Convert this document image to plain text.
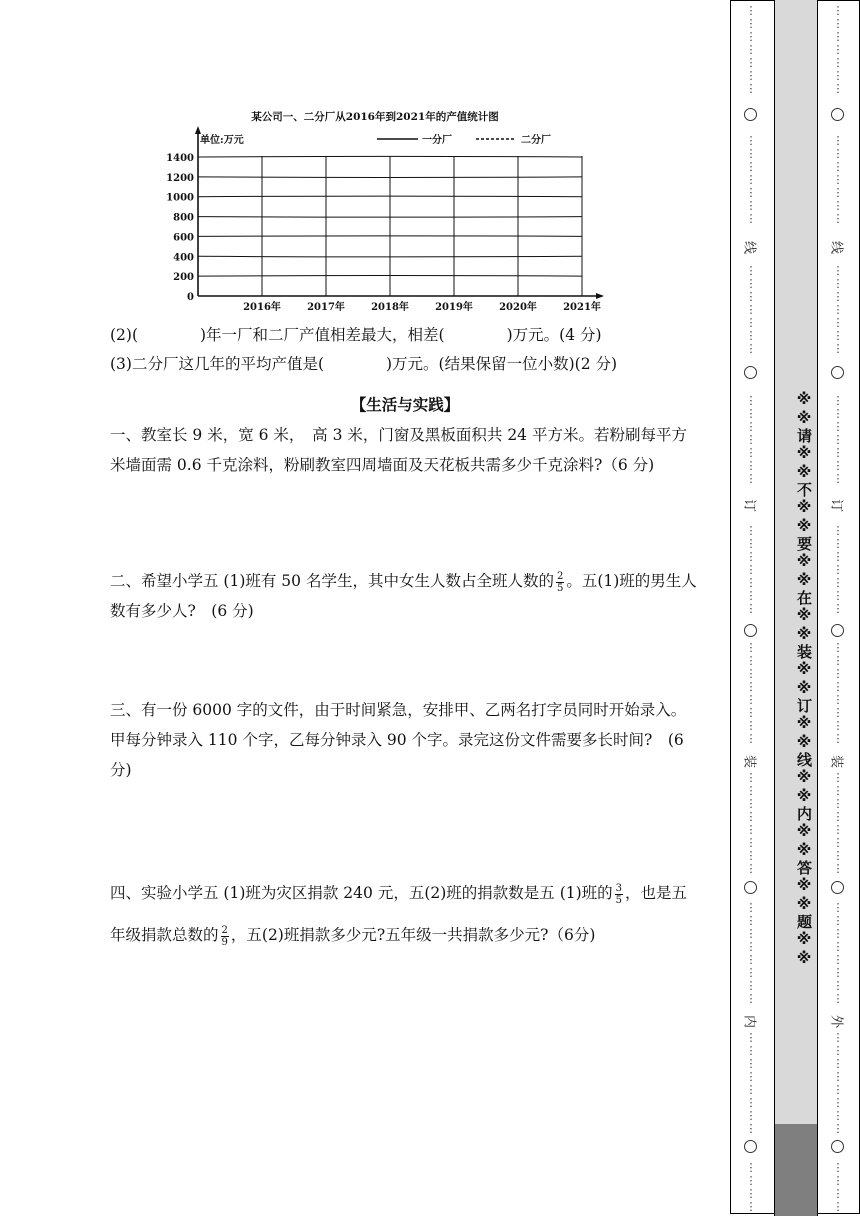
某公司一、二分厂从2016年到2021年的产值统计图
单位:万元	一分厂	二分厂
0
200
400
600
800
1000
1200
1400
2016年	2017年	2018年	2019年	2020年	2021年
(2)(　　　　)年一厂和二厂产值相差最大，相差(　　　　)万元。(4 分)
(3)二分厂这几年的平均产值是(　　　　)万元。(结果保留一位小数)(2 分)
【生活与实践】
一、教室长 9 米，宽 6 米，　高 3 米，门窗及黑板面积共 24 平方米。若粉刷每平方米墙面需 0.6 千克涂料，粉刷教室四周墙面及天花板共需多少千克涂料?（6 分)
二、希望小学五 (1)班有 50 名学生，其中女生人数占全班人数的 $\frac{2}{5}$ 。五(1)班的男生人数有多少人?　(6 分)
三、有一份 6000 字的文件，由于时间紧急，安排甲、乙两名打字员同时开始录入。甲每分钟录入 110 个字，乙每分钟录入 90 个字。录完这份文件需要多长时间?　(6 分)
四、实验小学五 (1)班为灾区捐款 240 元，五(2)班的捐款数是五 (1)班的 $\frac{3}{5}$ ，也是五年级捐款总数的 $\frac{2}{9}$ ，五(2)班捐款多少元?五年级一共捐款多少元?（6分)	※※请※※不※※要※※在※※装※※订※※线※※内※※答※※题※※
⋮
⋮
⋮
⋮
⋮
⋮
⋮
⋮
⋮
⋮
⋮
⋮
⋮
⋮
⋮
⋮
⋮
⋮
⋮
⋮
⋮
⋮
⋮
⋮
⋮
⋮
⋮
⋮
⋮
⋮
⋮
⋮
⋮
⋮
⋮
⋮
⋮
⋮
⋮
⋮
⋮
⋮
⋮
⋮
⋮
⋮
⋮
⋮
⋮
⋮
⋮
⋮
⋮
⋮
⋮
⋮
⋮
⋮
⋮
⋮
⋮
⋮
⋮
⋮
⋮
⋮
⋮
⋮
⋮
⋮
⋮
线
订
装
内
⋮
⋮
⋮
⋮
⋮
⋮
⋮
⋮
⋮
⋮
⋮
⋮
⋮
⋮
⋮
⋮
⋮
⋮
⋮
⋮
⋮
⋮
⋮
⋮
⋮
⋮
⋮
⋮
⋮
⋮
⋮
⋮
⋮
⋮
⋮
⋮
⋮
⋮
⋮
⋮
⋮
⋮
⋮
⋮
⋮
⋮
⋮
⋮
⋮
⋮
⋮
⋮
⋮
⋮
⋮
⋮
⋮
⋮
⋮
⋮
⋮
⋮
⋮
⋮
⋮
⋮
⋮
⋮
⋮
⋮
⋮
线
订
装
外
